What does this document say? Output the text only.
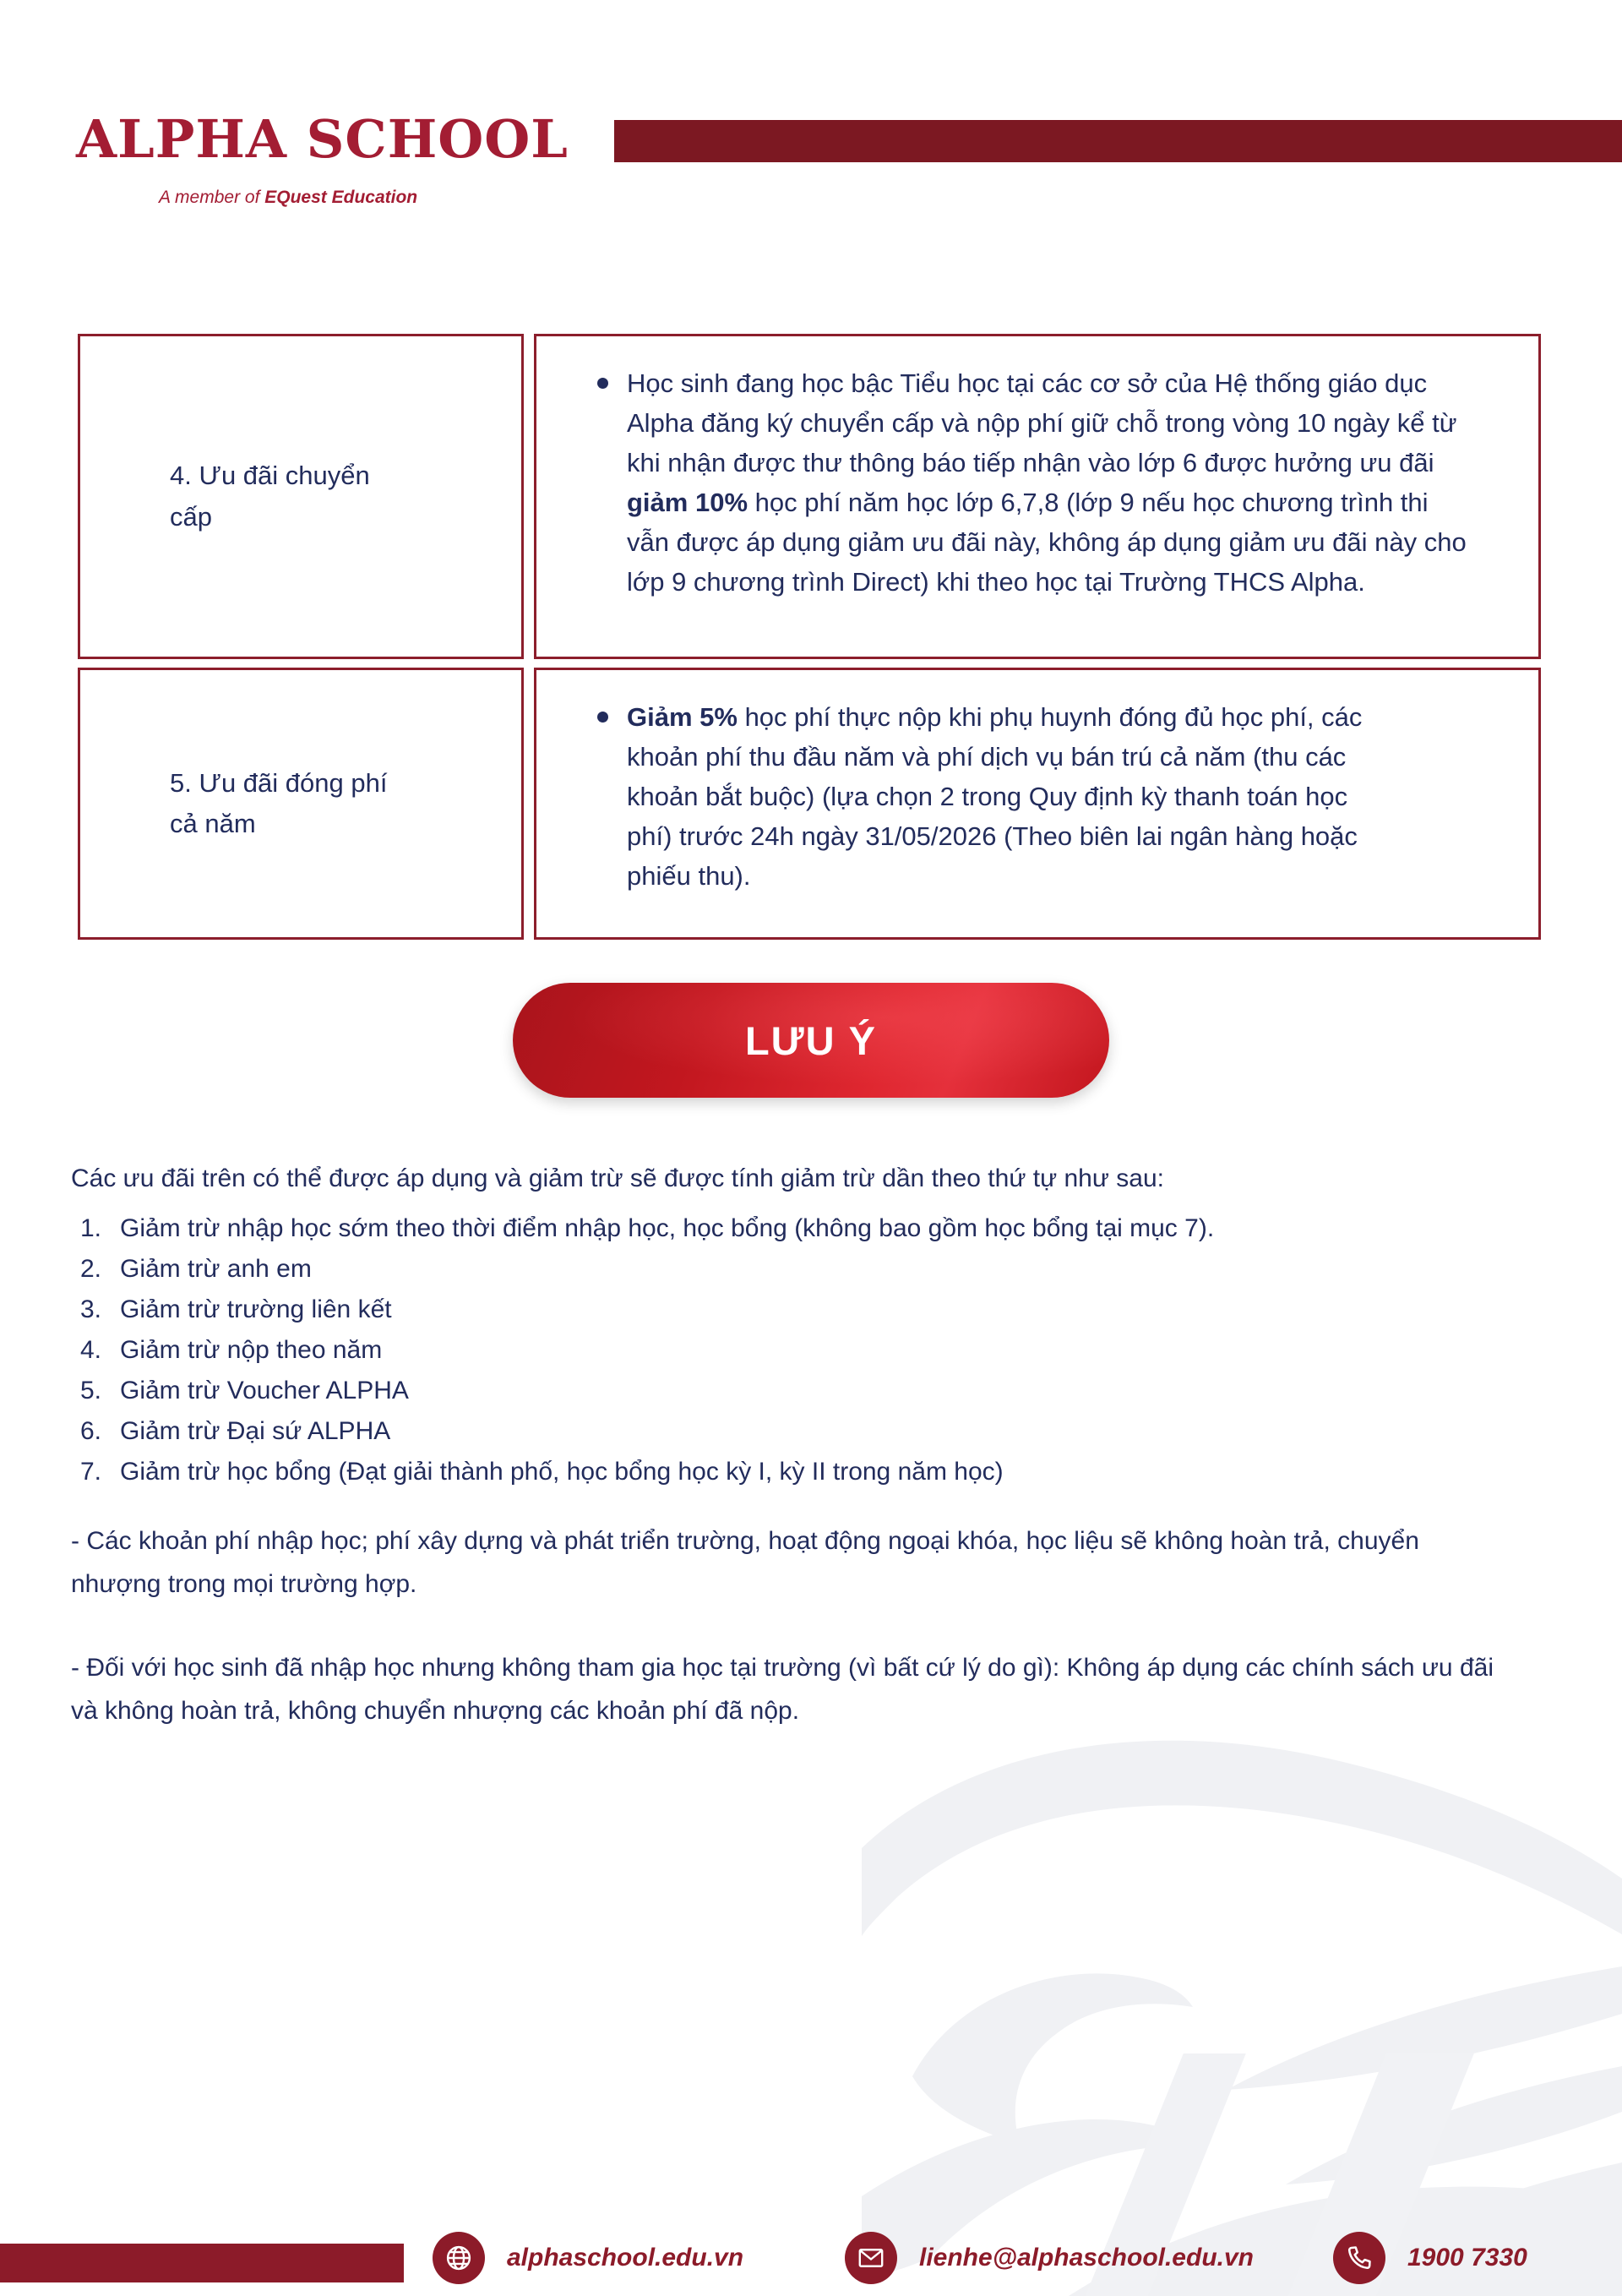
ALPHA SCHOOL
A member of EQuest Education
4. Ưu đãi chuyển cấp
Học sinh đang học bậc Tiểu học tại các cơ sở của Hệ thống giáo dục Alpha đăng ký chuyển cấp và nộp phí giữ chỗ trong vòng 10 ngày kể từ khi nhận được thư thông báo tiếp nhận vào lớp 6 được hưởng ưu đãi giảm 10% học phí năm học lớp 6,7,8 (lớp 9 nếu học chương trình thi vẫn được áp dụng giảm ưu đãi này, không áp dụng giảm ưu đãi này cho lớp 9 chương trình Direct) khi theo học tại Trường THCS Alpha.
5. Ưu đãi đóng phí cả năm
Giảm 5% học phí thực nộp khi phụ huynh đóng đủ học phí, các khoản phí thu đầu năm và phí dịch vụ bán trú cả năm (thu các khoản bắt buộc) (lựa chọn 2 trong Quy định kỳ thanh toán học phí) trước 24h ngày 31/05/2026 (Theo biên lai ngân hàng hoặc phiếu thu).
LƯU Ý
Các ưu đãi trên có thể được áp dụng và giảm trừ sẽ được tính giảm trừ dần theo thứ tự như sau:
1. Giảm trừ nhập học sớm theo thời điểm nhập học, học bổng (không bao gồm học bổng tại mục 7).
2. Giảm trừ anh em
3. Giảm trừ trường liên kết
4. Giảm trừ nộp theo năm
5. Giảm trừ Voucher ALPHA
6. Giảm trừ Đại sứ ALPHA
7. Giảm trừ học bổng (Đạt giải thành phố, học bổng học kỳ I, kỳ II trong năm học)
- Các khoản phí nhập học; phí xây dựng và phát triển trường, hoạt động ngoại khóa, học liệu sẽ không hoàn trả, chuyển nhượng trong mọi trường hợp.
- Đối với học sinh đã nhập học nhưng không tham gia học tại trường (vì bất cứ lý do gì): Không áp dụng các chính sách ưu đãi và không hoàn trả, không chuyển nhượng các khoản phí đã nộp.
alphaschool.edu.vn	lienhe@alphaschool.edu.vn	1900 7330
